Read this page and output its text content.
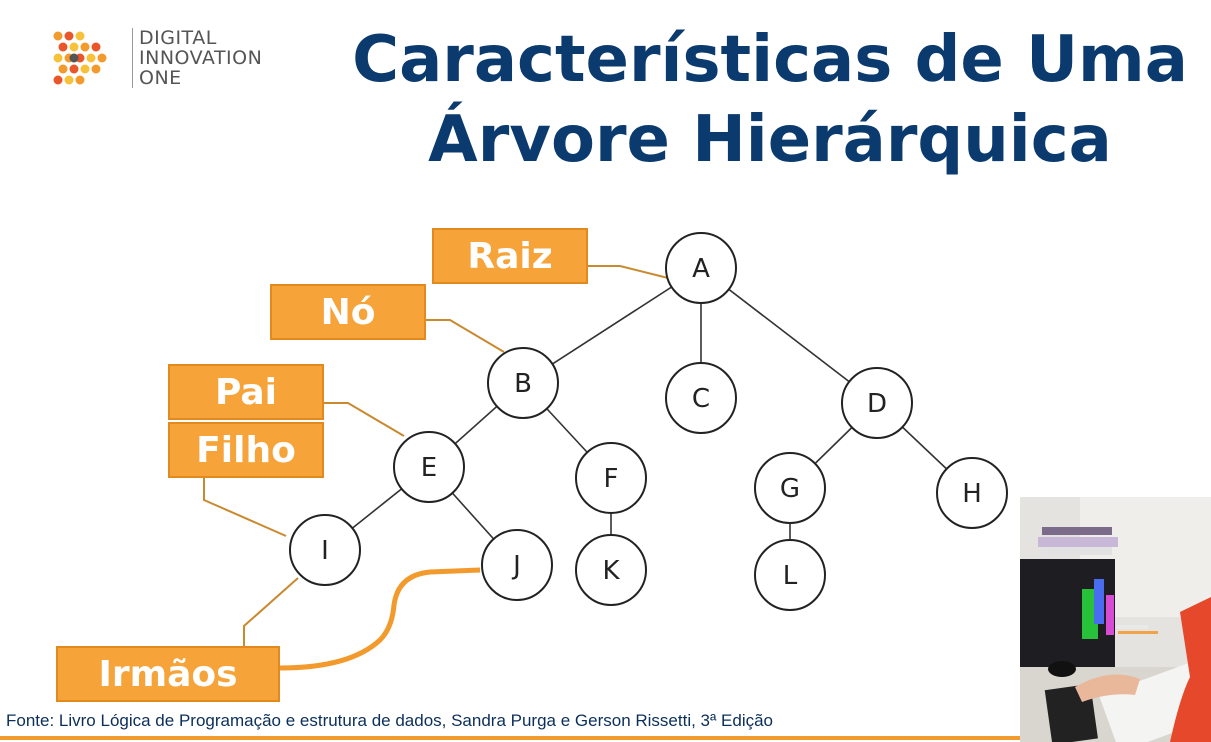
DIGITAL
INNOVATION
ONE	Características de Uma
Árvore Hierárquica
A
B	C	D
E	F	G	H
I	J	K	L
Raiz
Nó
Pai
Filho
Irmãos
Fonte: Livro Lógica de Programação e estrutura de dados, Sandra Purga e Gerson Rissetti, 3ª Edição
